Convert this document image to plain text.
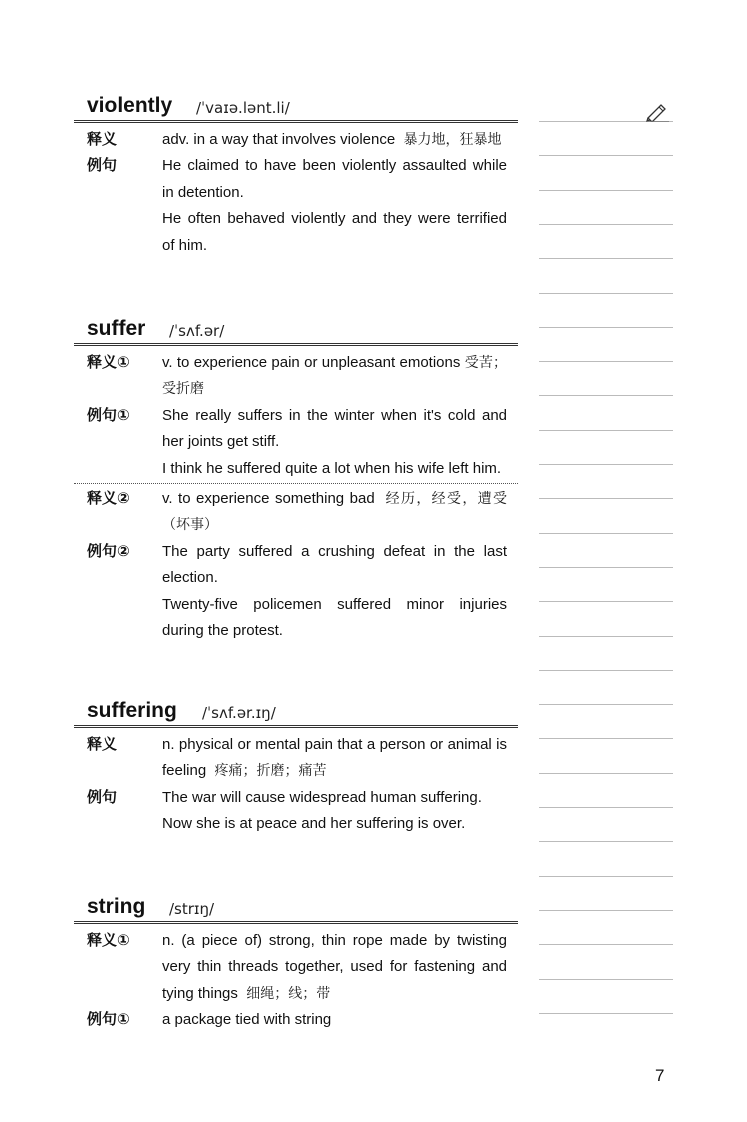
violently /ˈvaɪə.lənt.li/
释义	adv. in a way that involves violence 暴力地，狂暴地
例句	He claimed to have been violently assaulted while in detention.
He often behaved violently and they were terrified of him.
suffer /ˈsʌf.ər/
释义① v. to experience pain or unpleasant emotions 受苦；受折磨
例句① She really suffers in the winter when it's cold and her joints get stiff.
I think he suffered quite a lot when his wife left him.
释义② v. to experience something bad 经历，经受，遭受（坏事）
例句② The party suffered a crushing defeat in the last election.
Twenty-five policemen suffered minor injuries during the protest.
suffering /ˈsʌf.ər.ɪŋ/
释义	n. physical or mental pain that a person or animal is feeling 疼痛；折磨；痛苦
例句	The war will cause widespread human suffering.
Now she is at peace and her suffering is over.
string /strɪŋ/
释义① n. (a piece of) strong, thin rope made by twisting very thin threads together, used for fastening and tying things 细绳；线；带
例句① a package tied with string
7
